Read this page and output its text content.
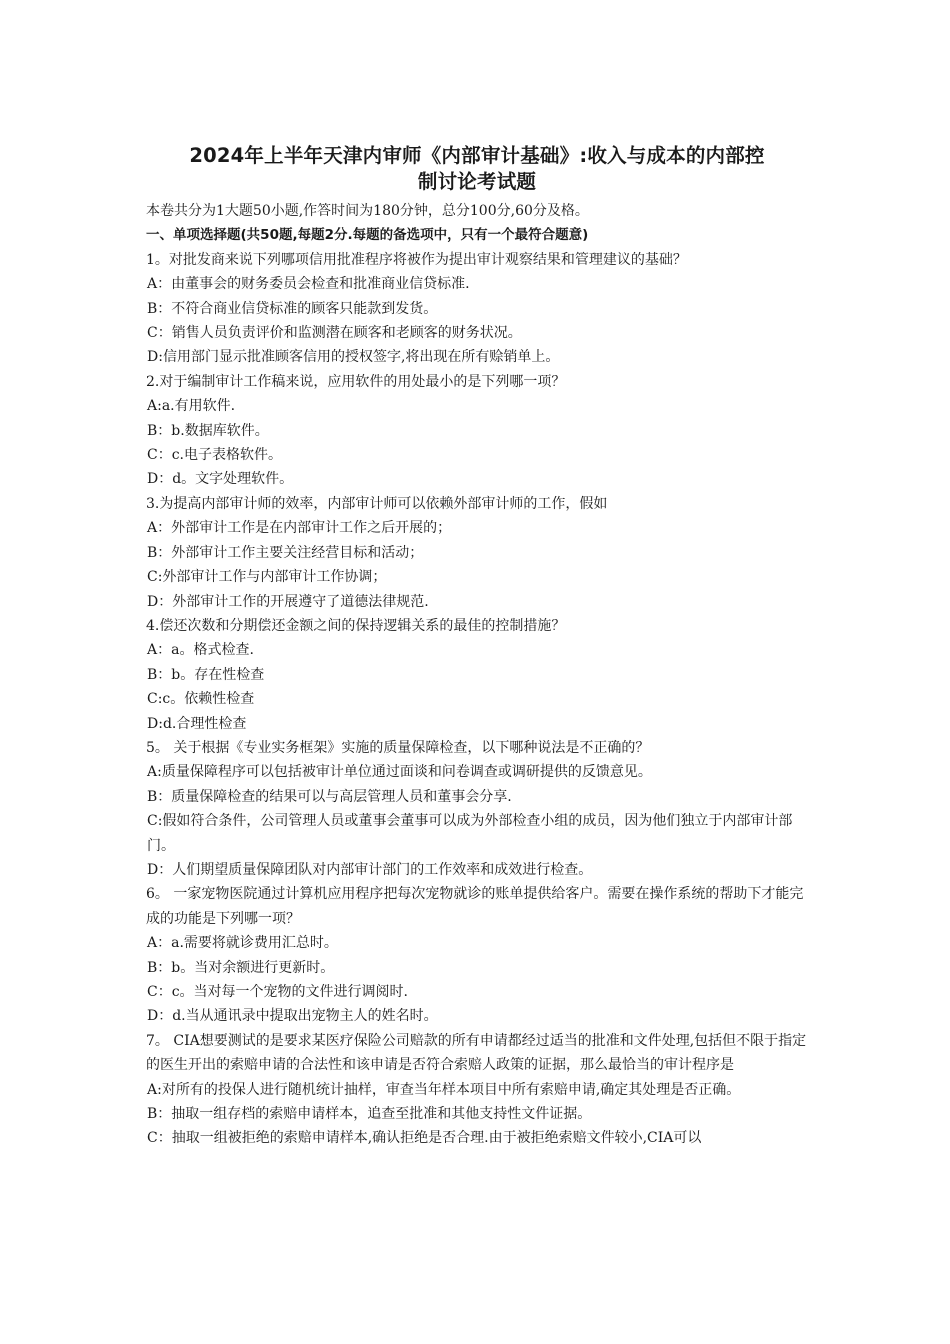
2024年上半年天津内审师《内部审计基础》:收入与成本的内部控
制讨论考试题
本卷共分为1大题50小题,作答时间为180分钟，总分100分,60分及格。
一、单项选择题(共50题,每题2分.每题的备选项中，只有一个最符合题意)
1。对批发商来说下列哪项信用批准程序将被作为提出审计观察结果和管理建议的基础？
A：由董事会的财务委员会检查和批准商业信贷标准.
B：不符合商业信贷标准的顾客只能款到发货。
C：销售人员负责评价和监测潜在顾客和老顾客的财务状况。
D:信用部门显示批准顾客信用的授权签字,将出现在所有赊销单上。
2.对于编制审计工作稿来说，应用软件的用处最小的是下列哪一项？
A:a.有用软件.
B：b.数据库软件。
C：c.电子表格软件。
D：d。文字处理软件。
3.为提高内部审计师的效率，内部审计师可以依赖外部审计师的工作，假如
A：外部审计工作是在内部审计工作之后开展的；
B：外部审计工作主要关注经营目标和活动；
C:外部审计工作与内部审计工作协调；
D：外部审计工作的开展遵守了道德法律规范.
4.偿还次数和分期偿还金额之间的保持逻辑关系的最佳的控制措施？
A：a。格式检查.
B：b。存在性检查
C:c。依赖性检查
D:d.合理性检查
5。 关于根据《专业实务框架》实施的质量保障检查，以下哪种说法是不正确的？
A:质量保障程序可以包括被审计单位通过面谈和问卷调查或调研提供的反馈意见。
B：质量保障检查的结果可以与高层管理人员和董事会分享.
C:假如符合条件，公司管理人员或董事会董事可以成为外部检查小组的成员，因为他们独立于内部审计部门。
D：人们期望质量保障团队对内部审计部门的工作效率和成效进行检查。
6。 一家宠物医院通过计算机应用程序把每次宠物就诊的账单提供给客户。需要在操作系统的帮助下才能完成的功能是下列哪一项？
A：a.需要将就诊费用汇总时。
B：b。当对余额进行更新时。
C：c。当对每一个宠物的文件进行调阅时.
D：d.当从通讯录中提取出宠物主人的姓名时。
7。 CIA想要测试的是要求某医疗保险公司赔款的所有申请都经过适当的批准和文件处理,包括但不限于指定的医生开出的索赔申请的合法性和该申请是否符合索赔人政策的证据，那么最恰当的审计程序是
A:对所有的投保人进行随机统计抽样，审查当年样本项目中所有索赔申请,确定其处理是否正确。
B：抽取一组存档的索赔申请样本，追查至批准和其他支持性文件证据。
C：抽取一组被拒绝的索赔申请样本,确认拒绝是否合理.由于被拒绝索赔文件较小,CIA可以
